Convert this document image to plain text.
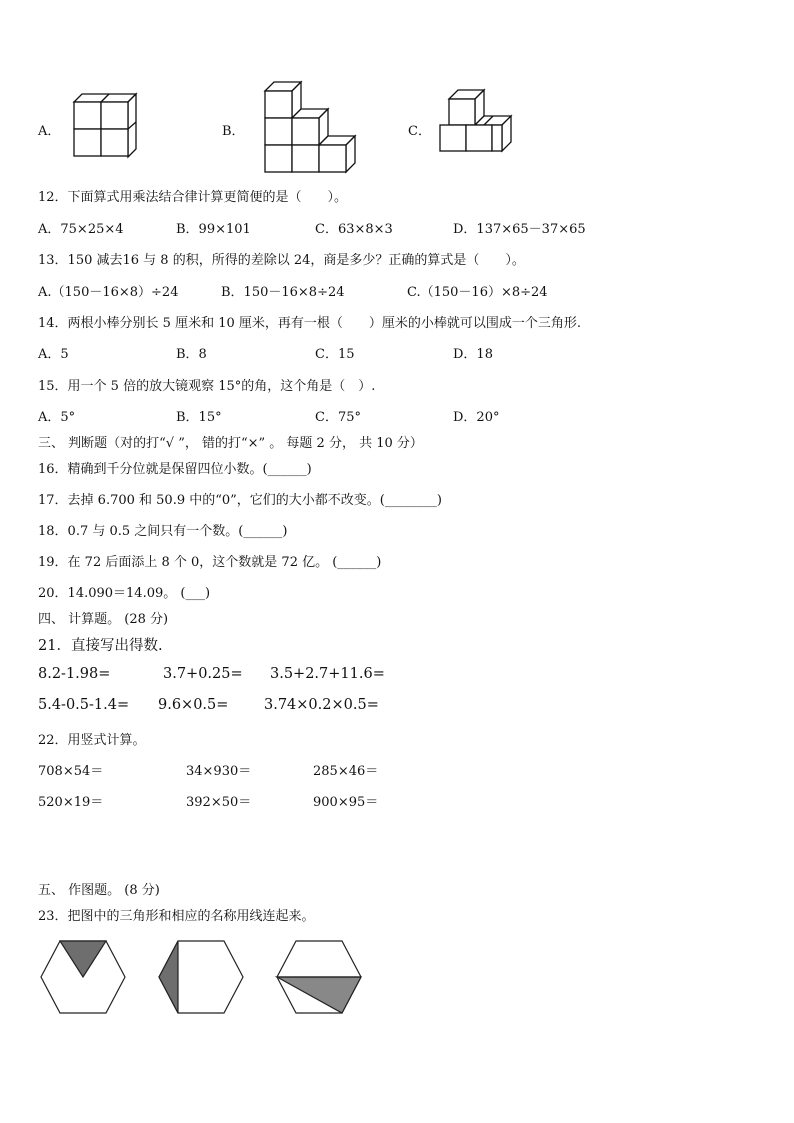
A．	B．	C．
12．下面算式用乘法结合律计算更简便的是（　　）。
A．75×25×4	B．99×101	C．63×8×3	D．137×65－37×65
13．150 减去16 与 8 的积，所得的差除以 24，商是多少？正确的算式是（　　）。
A.（150－16×8）÷24	B．150－16×8÷24	C.（150－16）×8÷24
14．两根小棒分别长 5 厘米和 10 厘米，再有一根（　　）厘米的小棒就可以围成一个三角形.
A．5	B．8	C．15	D．18
15．用一个 5 倍的放大镜观察 15°的角，这个角是（　）.
A．5°	B．15°	C．75°	D．20°
三、 判断题（对的打“√ ”， 错的打“×” 。 每题 2 分， 共 10 分）
16．精确到千分位就是保留四位小数。(______)
17．去掉 6.700 和 50.9 中的“0”，它们的大小都不改变。(________)
18．0.7 与 0.5 之间只有一个数。(______)
19．在 72 后面添上 8 个 0，这个数就是 72 亿。 (______)
20．14.090＝14.09。 (___)
四、 计算题。 (28 分)
21．直接写出得数.
8.2-1.98=	3.7+0.25= 3.5+2.7+11.6=
5.4-0.5-1.4= 9.6×0.5= 3.74×0.2×0.5=
22．用竖式计算。
708×54＝	34×930＝	285×46＝
520×19＝	392×50＝	900×95＝
五、 作图题。 (8 分)
23．把图中的三角形和相应的名称用线连起来。
